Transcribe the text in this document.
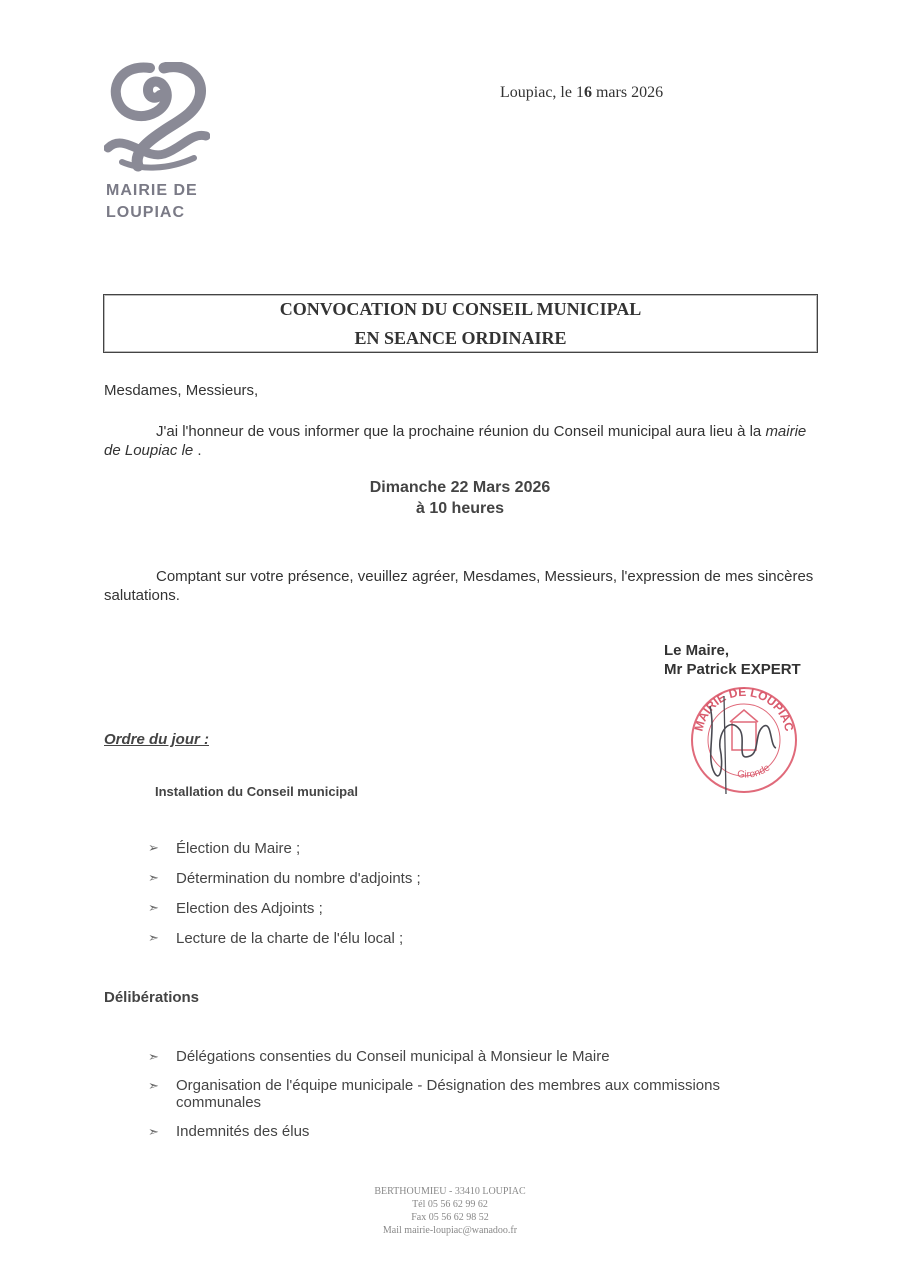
MAIRIE DE
LOUPIAC
Loupiac, le 16 mars 2026
CONVOCATION DU CONSEIL MUNICIPAL
EN SEANCE ORDINAIRE
Mesdames, Messieurs,
J'ai l'honneur de vous informer que la prochaine réunion du Conseil municipal aura lieu à la mairie de Loupiac le .
Dimanche 22 Mars 2026
à 10 heures
Comptant sur votre présence, veuillez agréer, Mesdames, Messieurs, l'expression de mes sincères salutations.
Le Maire,
Mr Patrick EXPERT
MAIRIE DE LOUPIAC
Gironde
Ordre du jour :
Installation du Conseil municipal
➢ Élection du Maire ;
➣ Détermination du nombre d'adjoints ;
➣ Election des Adjoints ;
➣ Lecture de la charte de l'élu local ;
Délibérations
➣ Délégations consenties du Conseil municipal à Monsieur le Maire
➣ Organisation de l'équipe municipale - Désignation des membres aux commissions communales
➣ Indemnités des élus
BERTHOUMIEU - 33410 LOUPIAC
Tél 05 56 62 99 62
Fax 05 56 62 98 52
Mail mairie-loupiac@wanadoo.fr
